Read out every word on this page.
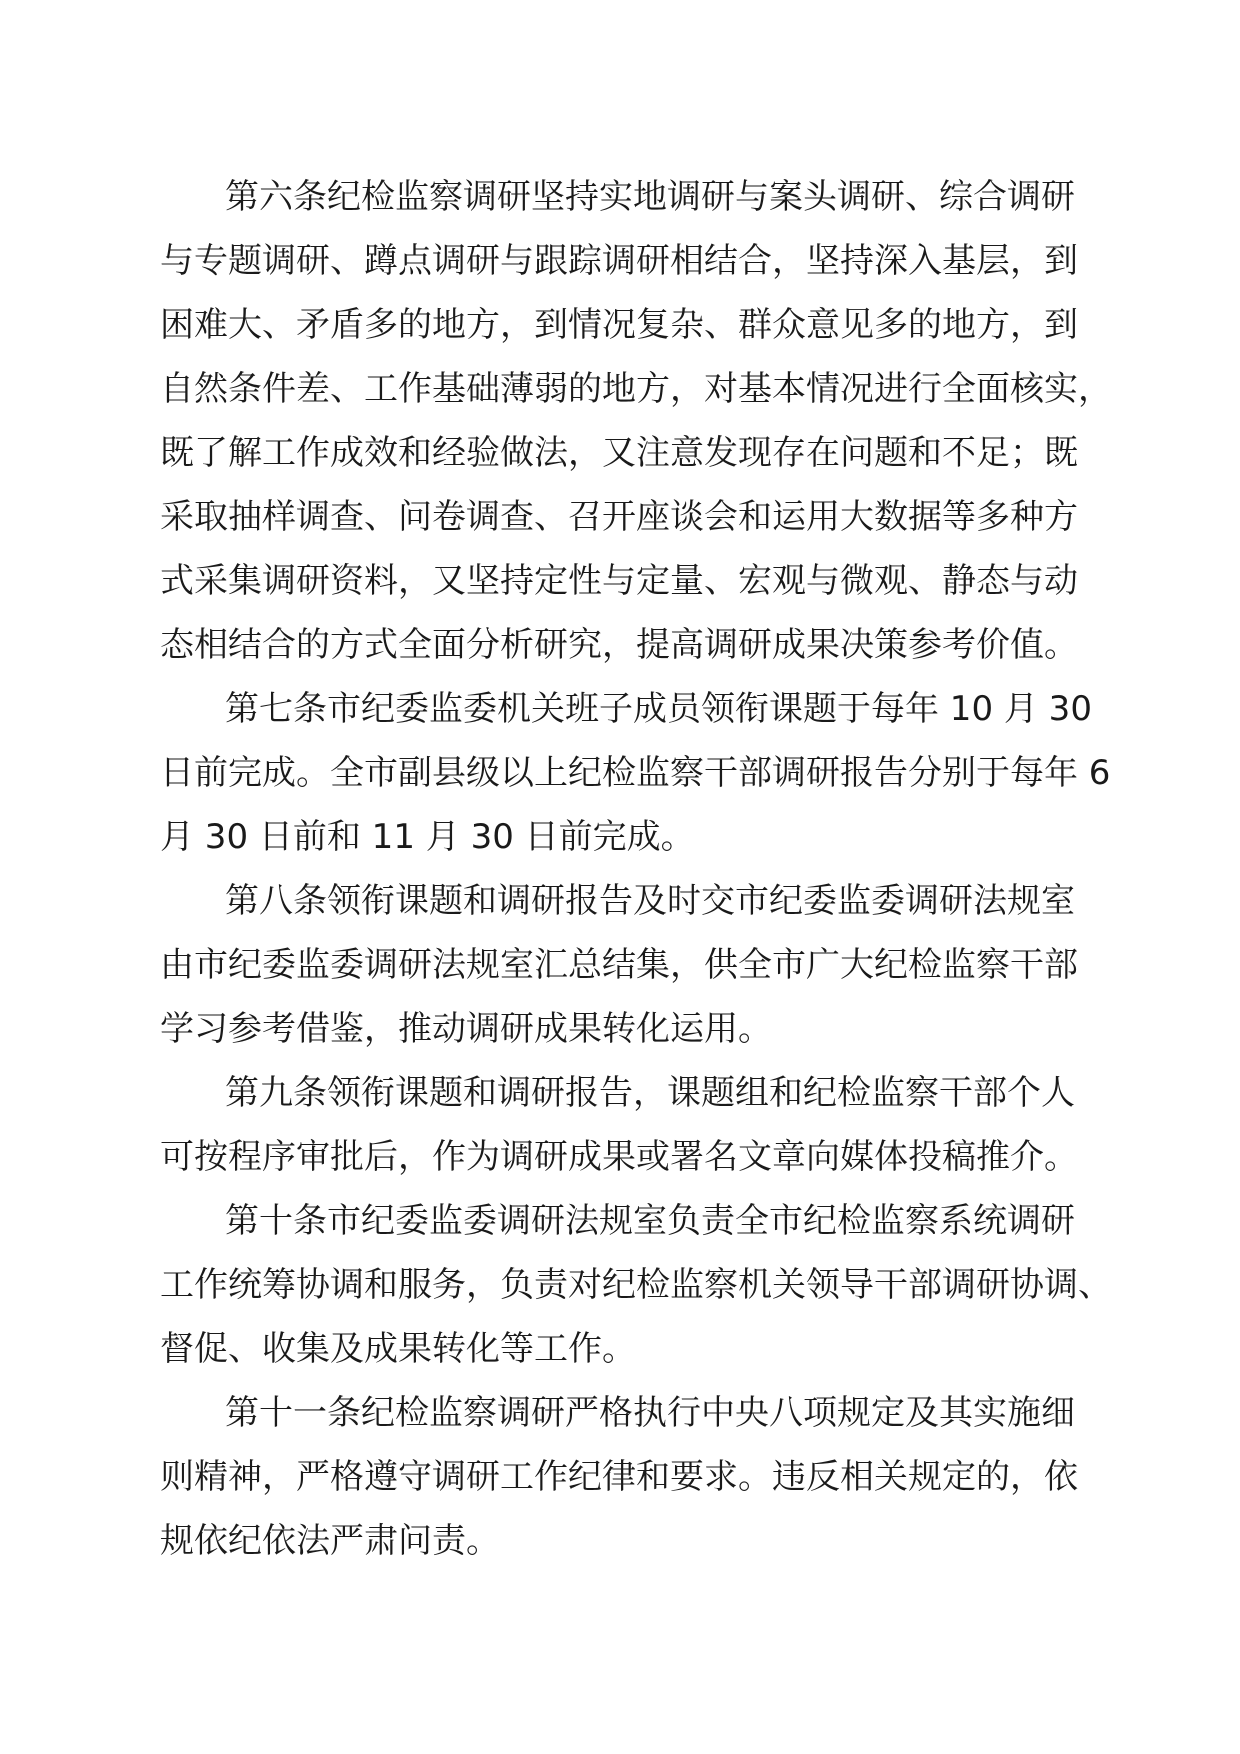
第六条纪检监察调研坚持实地调研与案头调研、综合调研
与专题调研、蹲点调研与跟踪调研相结合，坚持深入基层，到
困难大、矛盾多的地方，到情况复杂、群众意见多的地方，到
自然条件差、工作基础薄弱的地方，对基本情况进行全面核实，
既了解工作成效和经验做法，又注意发现存在问题和不足；既
采取抽样调查、问卷调查、召开座谈会和运用大数据等多种方
式采集调研资料，又坚持定性与定量、宏观与微观、静态与动
态相结合的方式全面分析研究，提高调研成果决策参考价值。
第七条市纪委监委机关班子成员领衔课题于每年 10 月 30
日前完成。全市副县级以上纪检监察干部调研报告分别于每年 6
月 30 日前和 11 月 30 日前完成。
第八条领衔课题和调研报告及时交市纪委监委调研法规室
由市纪委监委调研法规室汇总结集，供全市广大纪检监察干部
学习参考借鉴，推动调研成果转化运用。
第九条领衔课题和调研报告，课题组和纪检监察干部个人
可按程序审批后，作为调研成果或署名文章向媒体投稿推介。
第十条市纪委监委调研法规室负责全市纪检监察系统调研
工作统筹协调和服务，负责对纪检监察机关领导干部调研协调、
督促、收集及成果转化等工作。
第十一条纪检监察调研严格执行中央八项规定及其实施细
则精神，严格遵守调研工作纪律和要求。违反相关规定的，依
规依纪依法严肃问责。
